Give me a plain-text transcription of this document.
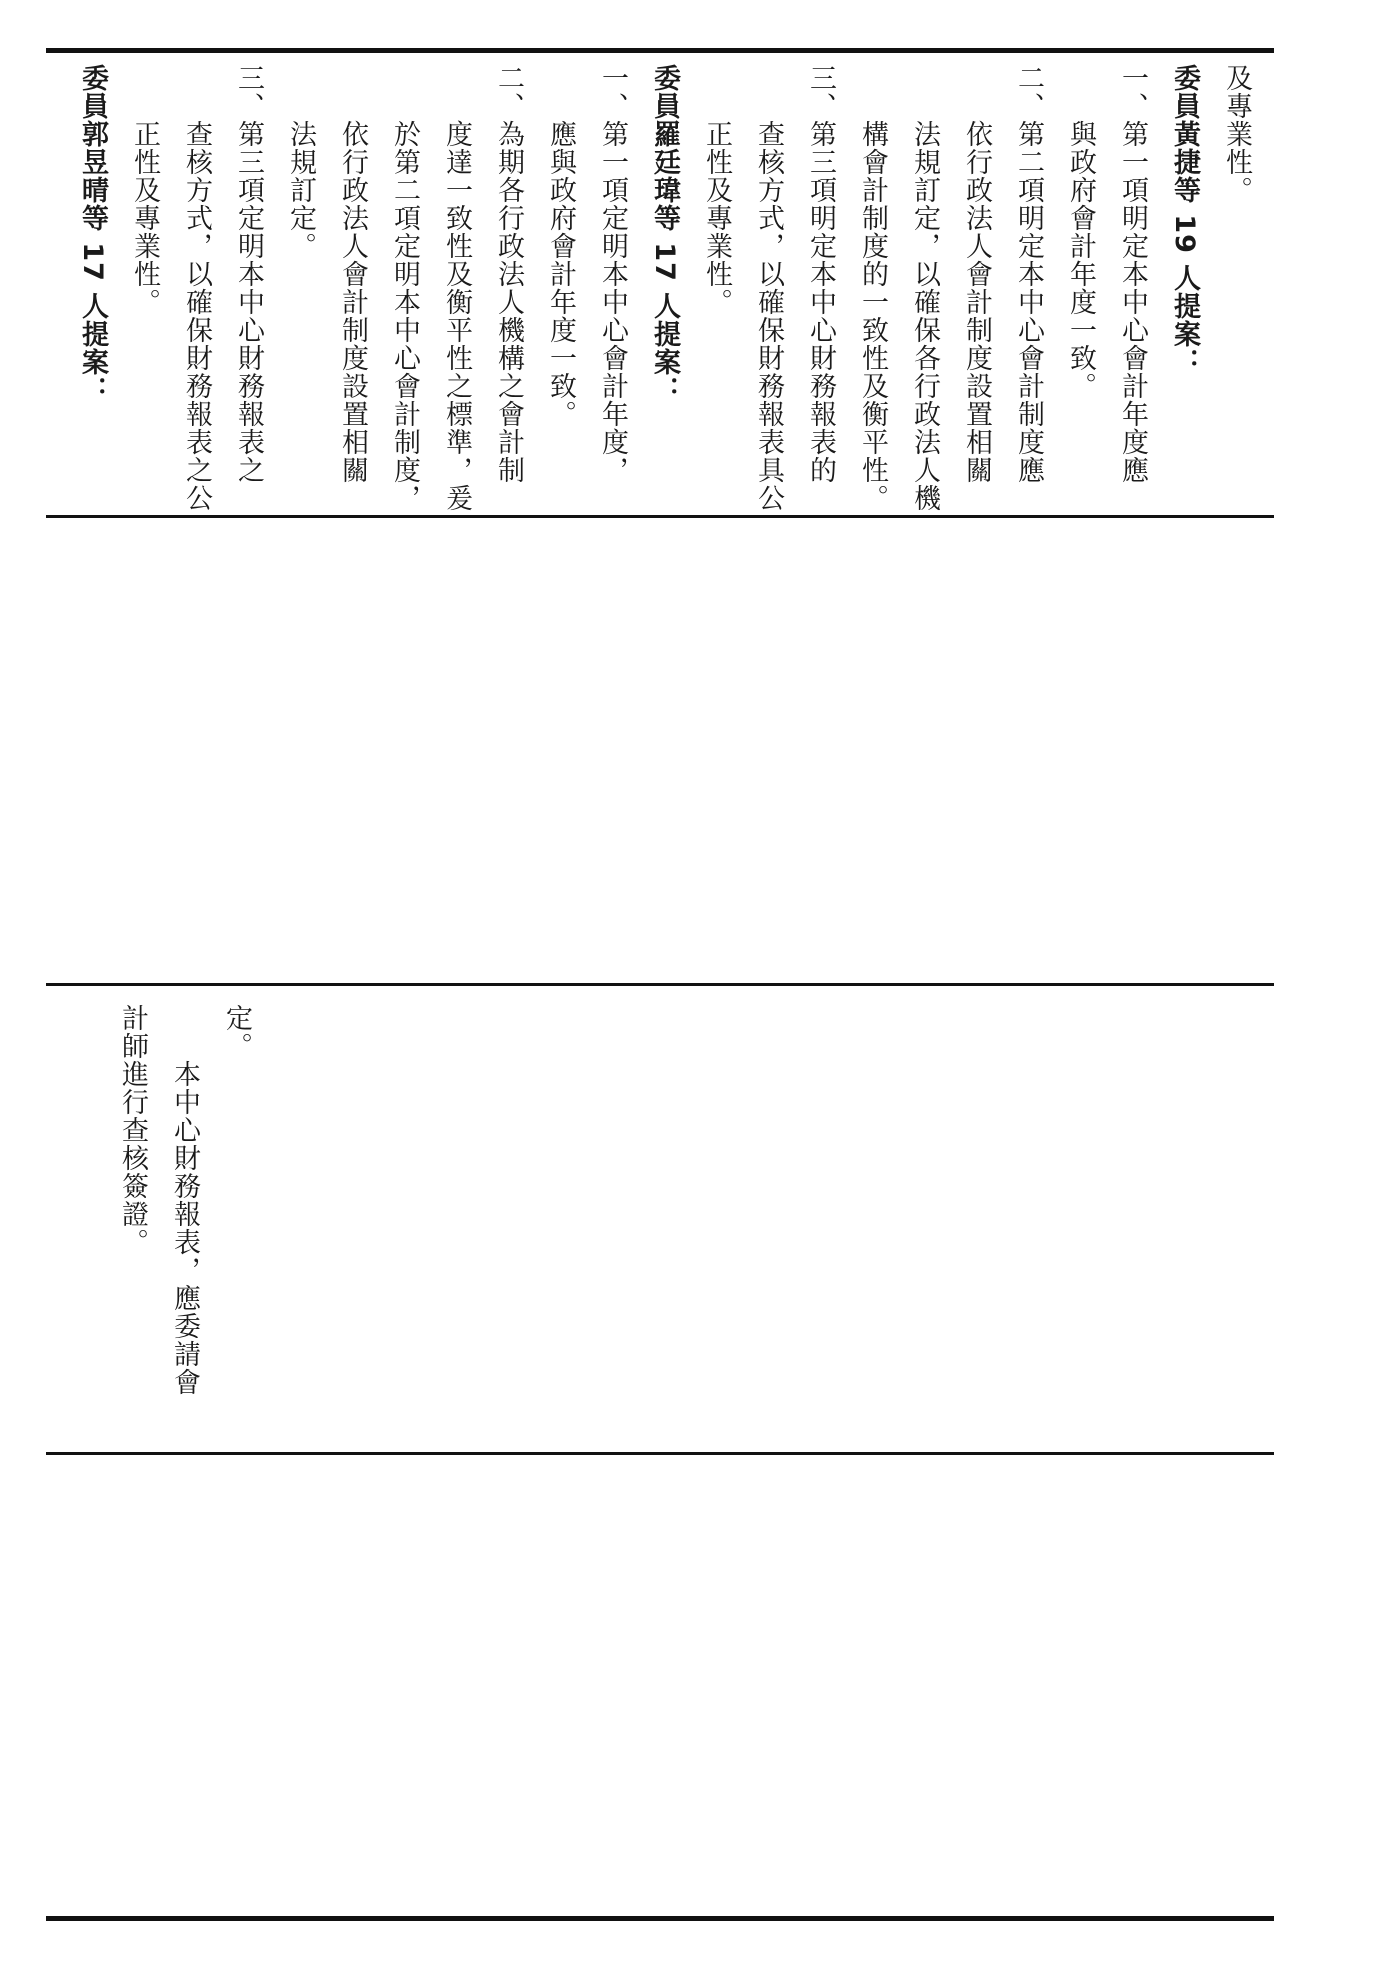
及專業性。
委員黃捷等 19 人提案：
一、第一項明定本中心會計年度應
　　與政府會計年度一致。
二、第二項明定本中心會計制度應
　　依行政法人會計制度設置相關
　　法規訂定，以確保各行政法人機
　　構會計制度的一致性及衡平性。
三、第三項明定本中心財務報表的
　　查核方式，以確保財務報表具公
　　正性及專業性。
委員羅廷瑋等 17 人提案：
一、第一項定明本中心會計年度，
　　應與政府會計年度一致。
二、為期各行政法人機構之會計制
　　度達一致性及衡平性之標準，爰
　　於第二項定明本中心會計制度，
　　依行政法人會計制度設置相關
　　法規訂定。
三、第三項定明本中心財務報表之
　　查核方式，以確保財務報表之公
　　正性及專業性。
委員郭昱晴等 17 人提案：
定。
　　本中心財務報表，應委請會
計師進行查核簽證。
